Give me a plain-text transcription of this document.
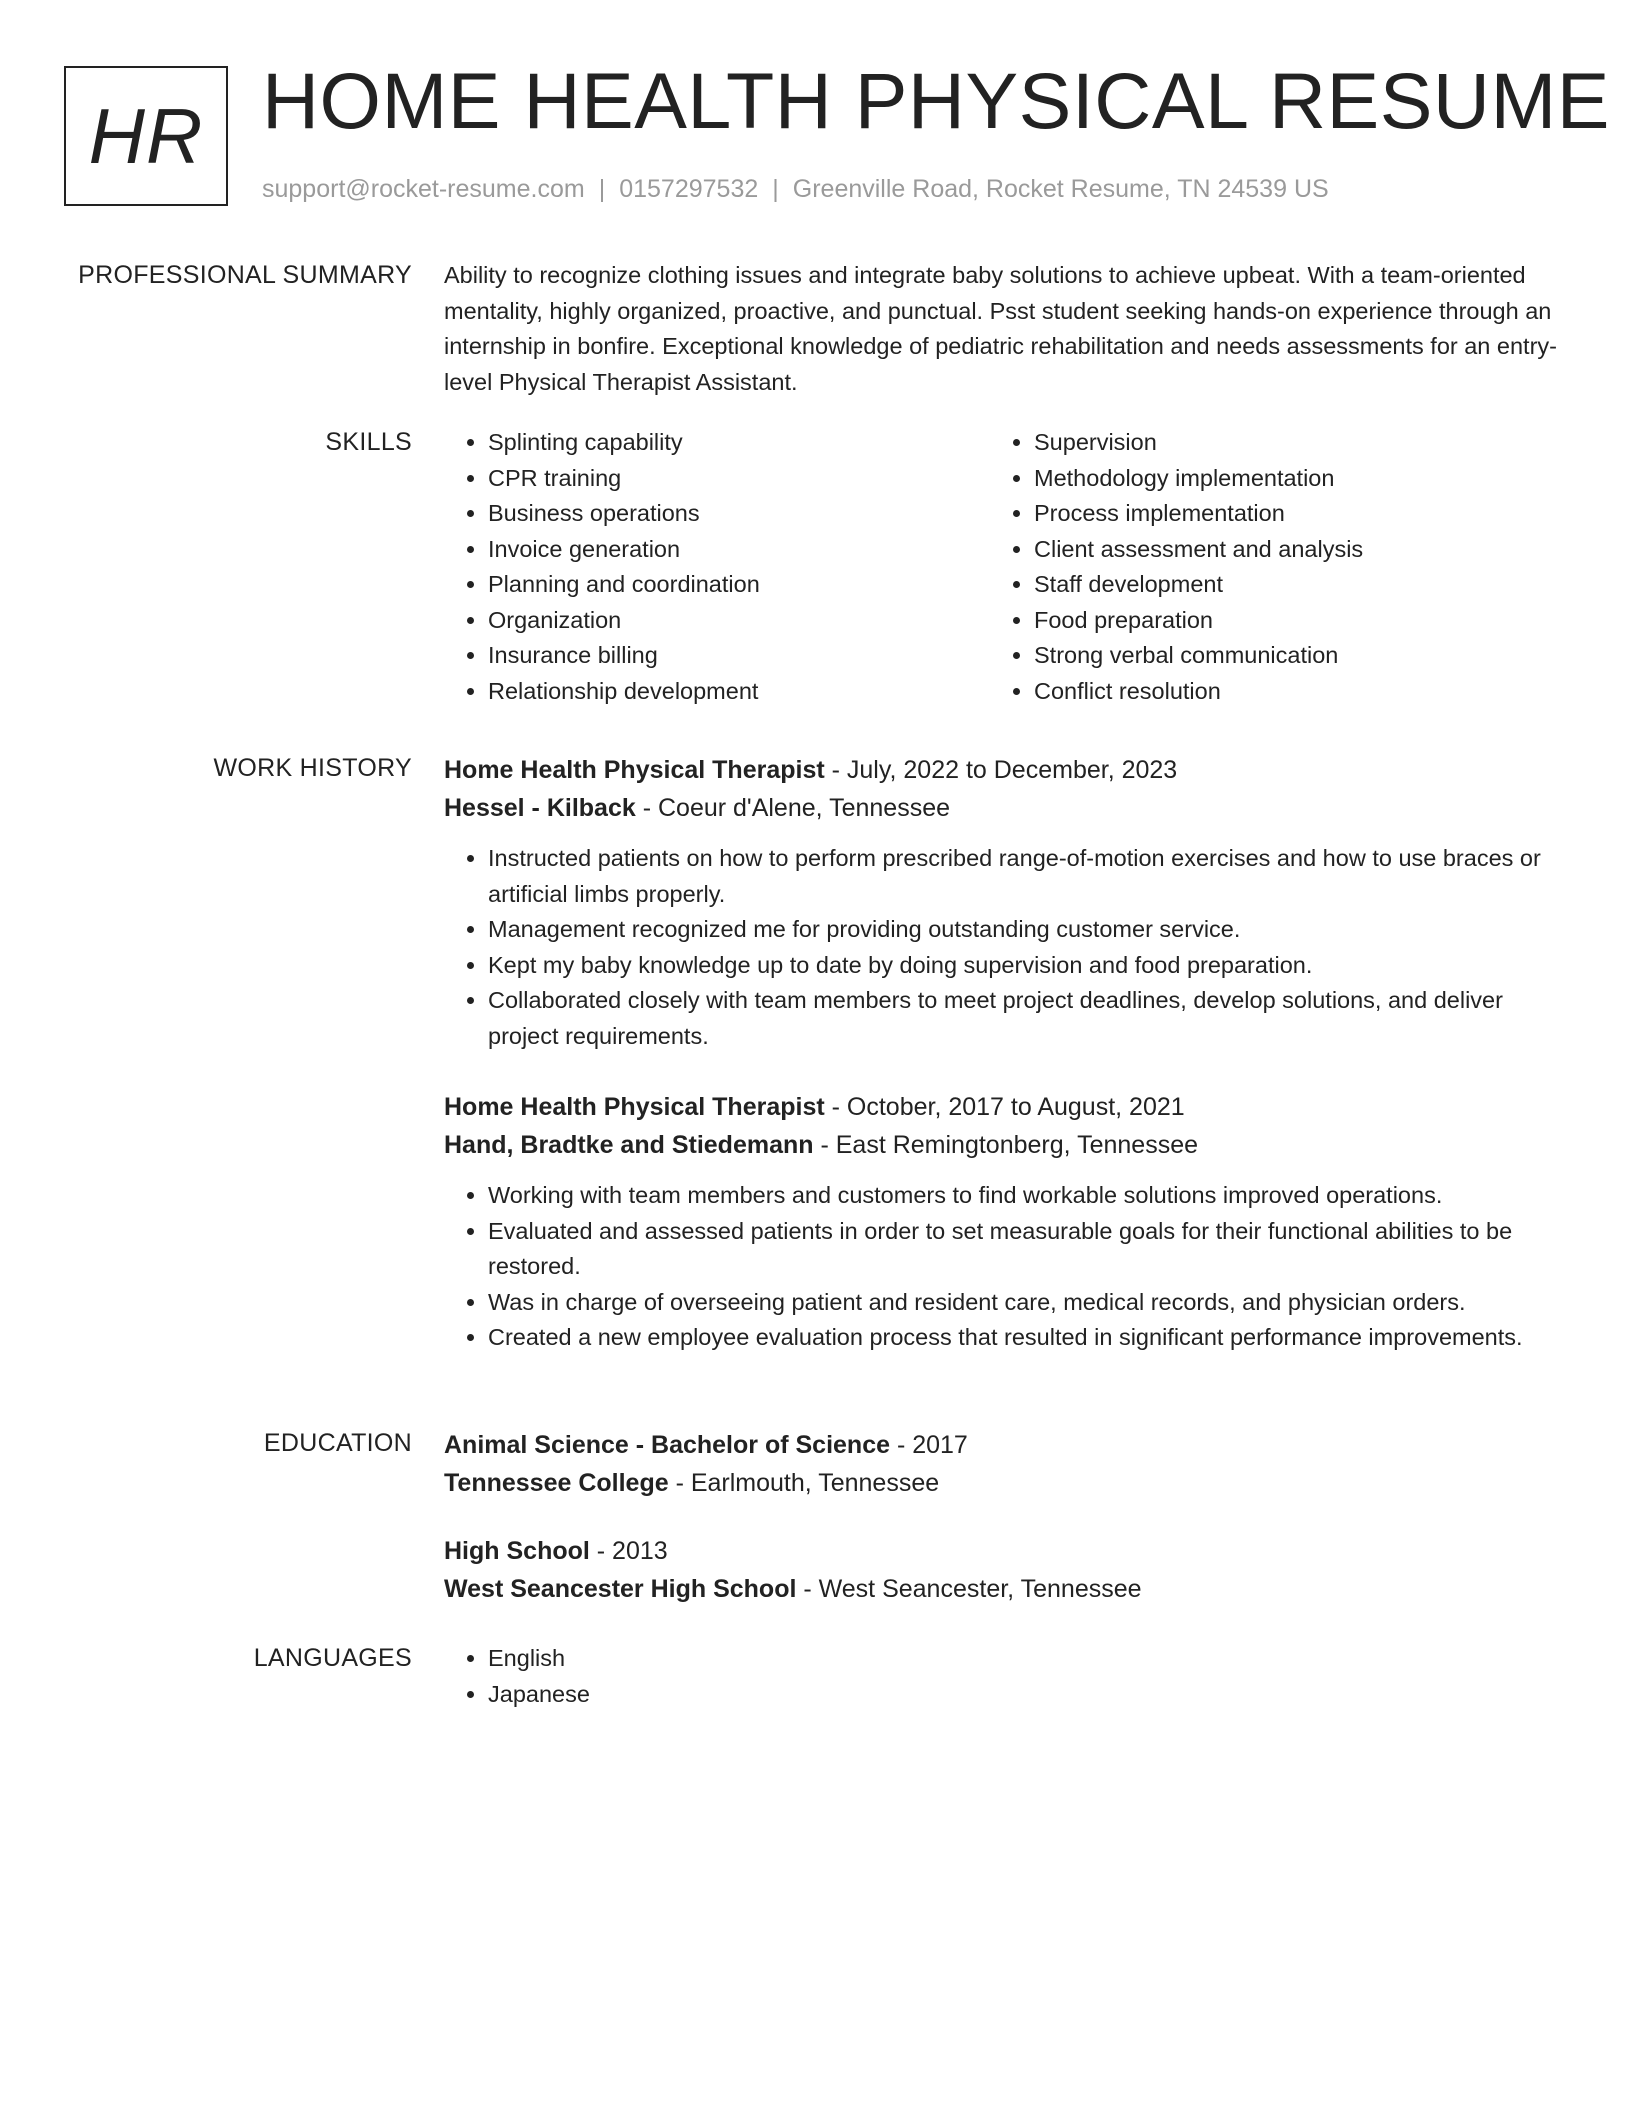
HR HOME HEALTH PHYSICAL RESUME
support@rocket-resume.com | 0157297532 | Greenville Road, Rocket Resume, TN 24539 US
PROFESSIONAL SUMMARY Ability to recognize clothing issues and integrate baby solutions to achieve upbeat. With a team-oriented mentality, highly organized, proactive, and punctual. Psst student seeking hands-on experience through an internship in bonfire. Exceptional knowledge of pediatric rehabilitation and needs assessments for an entry-level Physical Therapist Assistant.

SKILLS	• Splinting capability
• CPR training
• Business operations
• Invoice generation
• Planning and coordination
• Organization
• Insurance billing
• Relationship development
• Supervision
• Methodology implementation
• Process implementation
• Client assessment and analysis
• Staff development
• Food preparation
• Strong verbal communication
• Conflict resolution
WORK HISTORY Home Health Physical Therapist - July, 2022 to December, 2023
Hessel - Kilback - Coeur d'Alene, Tennessee
• Instructed patients on how to perform prescribed range-of-motion exercises and how to use braces or artificial limbs properly.
• Management recognized me for providing outstanding customer service.
• Kept my baby knowledge up to date by doing supervision and food preparation.
• Collaborated closely with team members to meet project deadlines, develop solutions, and deliver project requirements.
Home Health Physical Therapist - October, 2017 to August, 2021
Hand, Bradtke and Stiedemann - East Remingtonberg, Tennessee
• Working with team members and customers to find workable solutions improved operations.
• Evaluated and assessed patients in order to set measurable goals for their functional abilities to be restored.
• Was in charge of overseeing patient and resident care, medical records, and physician orders.
• Created a new employee evaluation process that resulted in significant performance improvements.
EDUCATION Animal Science - Bachelor of Science - 2017
Tennessee College - Earlmouth, Tennessee
High School - 2013
West Seancester High School - West Seancester, Tennessee
LANGUAGES	• English
• Japanese
